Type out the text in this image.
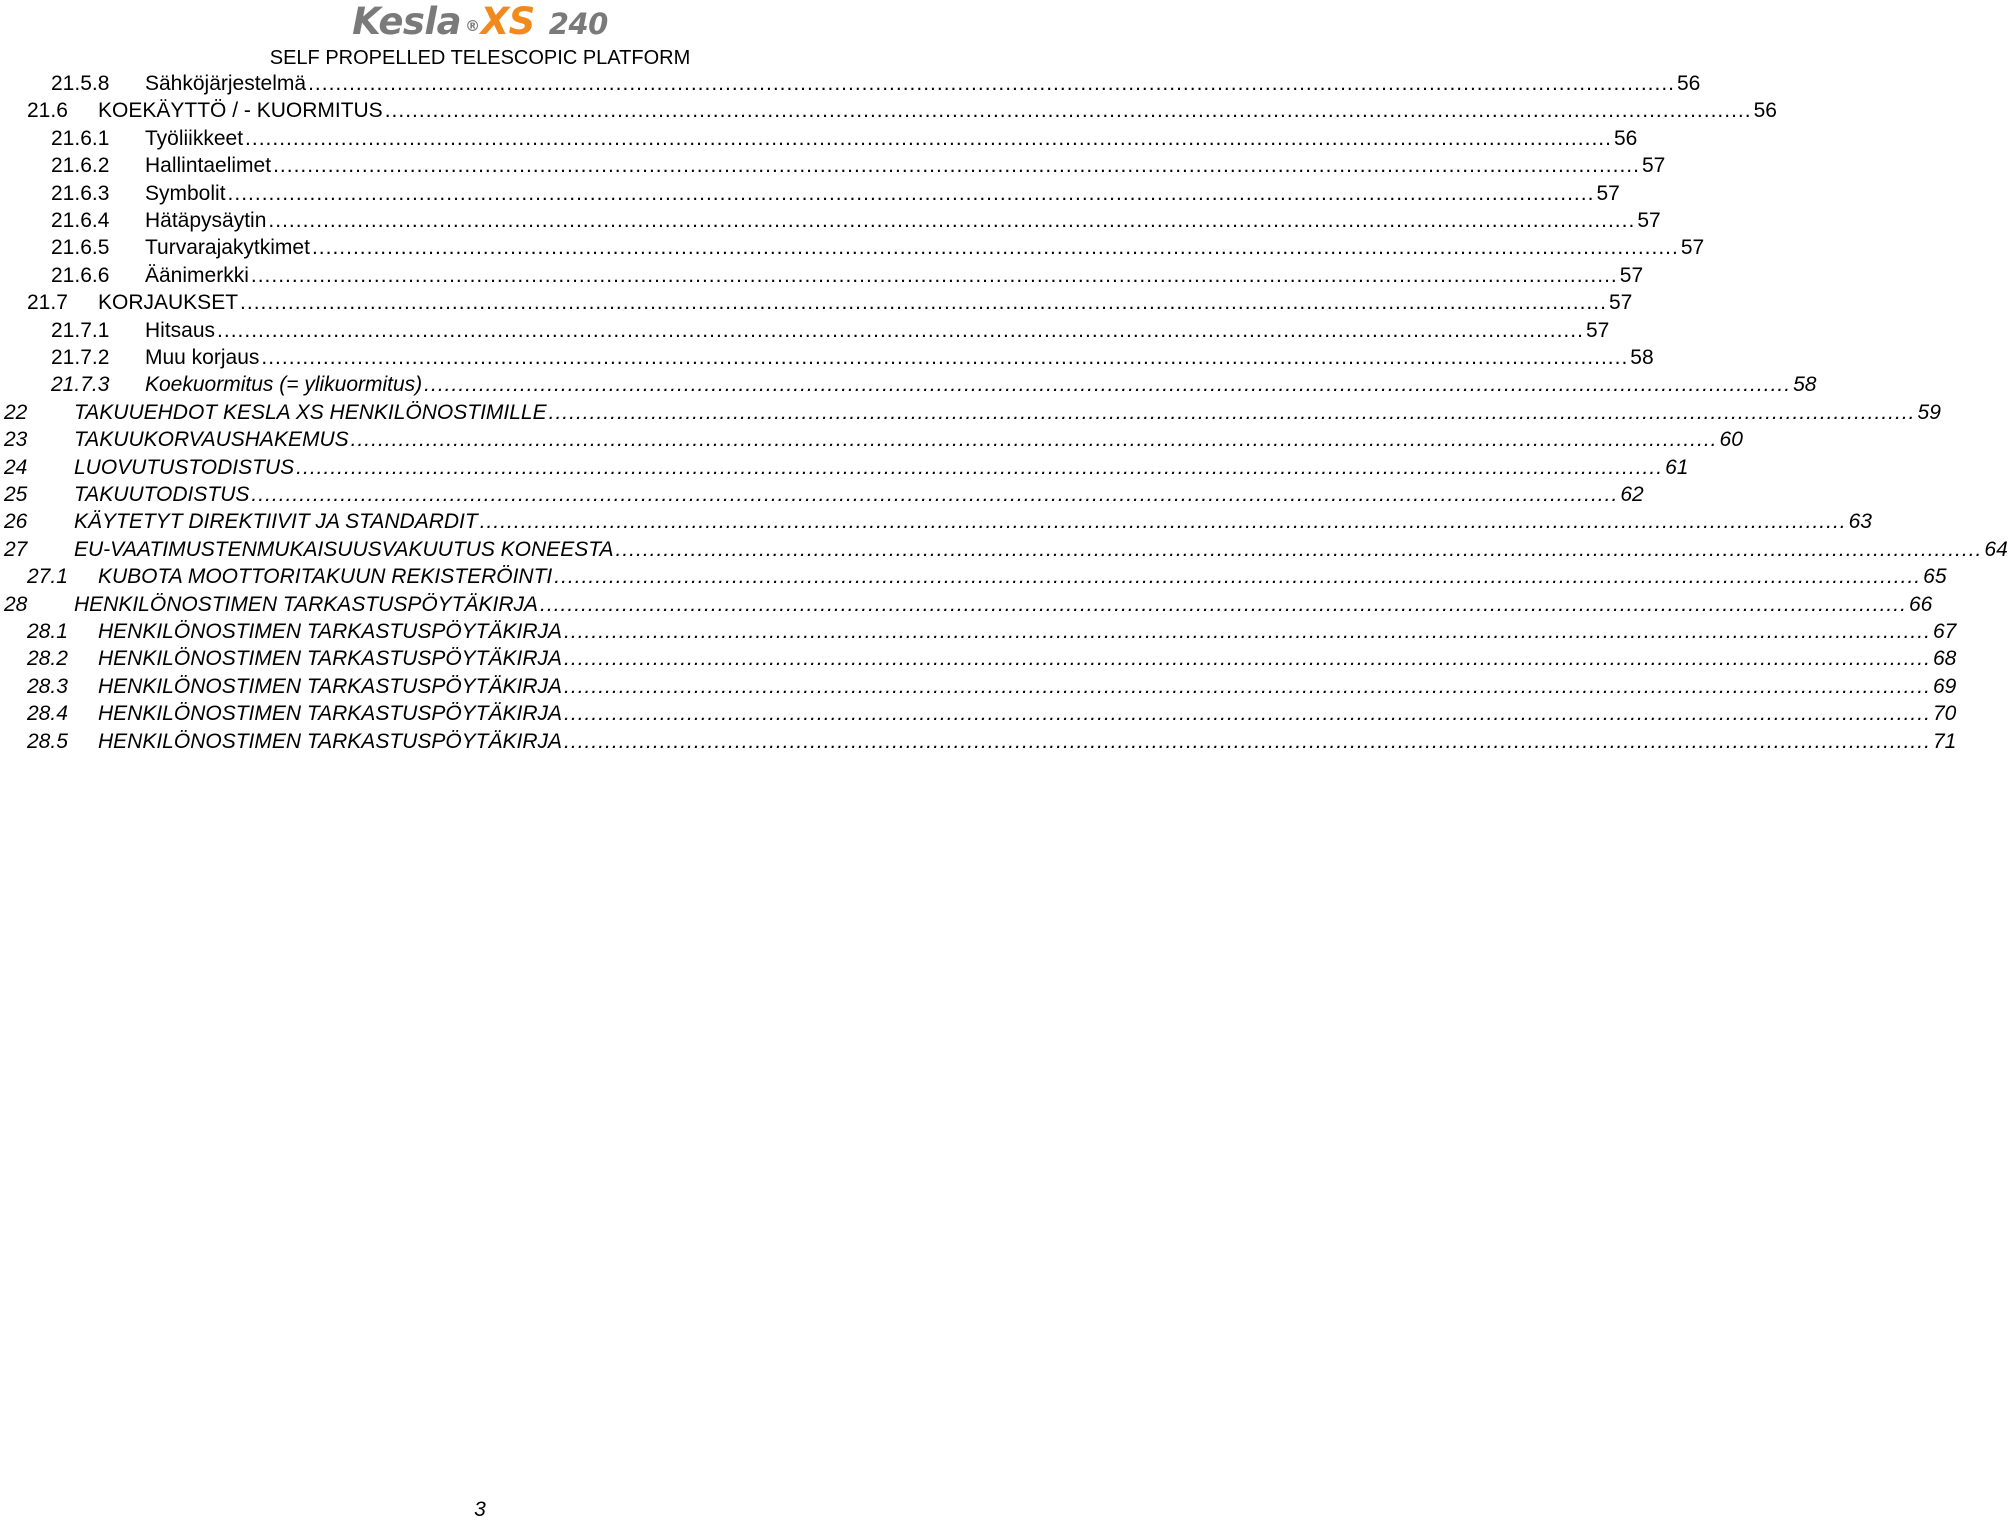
Kesla ®XS 240
SELF PROPELLED TELESCOPIC PLATFORM
21.5.8 Sähköjärjestelmä ........................................................................................................................................................................................................ 56
21.6 KOEKÄYTTÖ / - KUORMITUS ........................................................................................................................................................................................................ 56
21.6.1 Työliikkeet ........................................................................................................................................................................................................ 56
21.6.2 Hallintaelimet ........................................................................................................................................................................................................ 57
21.6.3 Symbolit ........................................................................................................................................................................................................ 57
21.6.4 Hätäpysäytin ........................................................................................................................................................................................................ 57
21.6.5 Turvarajakytkimet ........................................................................................................................................................................................................ 57
21.6.6 Äänimerkki ........................................................................................................................................................................................................ 57
21.7 KORJAUKSET ........................................................................................................................................................................................................ 57
21.7.1 Hitsaus ........................................................................................................................................................................................................ 57
21.7.2 Muu korjaus ........................................................................................................................................................................................................ 58
21.7.3 Koekuormitus (= ylikuormitus) ........................................................................................................................................................................................................ 58
22 TAKUUEHDOT KESLA XS HENKILÖNOSTIMILLE ........................................................................................................................................................................................................ 59
23 TAKUUKORVAUSHAKEMUS ........................................................................................................................................................................................................ 60
24 LUOVUTUSTODISTUS ........................................................................................................................................................................................................ 61
25 TAKUUTODISTUS ........................................................................................................................................................................................................ 62
26 KÄYTETYT DIREKTIIVIT JA STANDARDIT ........................................................................................................................................................................................................ 63
27 EU-VAATIMUSTENMUKAISUUSVAKUUTUS KONEESTA ........................................................................................................................................................................................................ 64
27.1 KUBOTA MOOTTORITAKUUN REKISTERÖINTI ........................................................................................................................................................................................................ 65
28 HENKILÖNOSTIMEN TARKASTUSPÖYTÄKIRJA ........................................................................................................................................................................................................ 66
28.1 HENKILÖNOSTIMEN TARKASTUSPÖYTÄKIRJA ........................................................................................................................................................................................................ 67
28.2 HENKILÖNOSTIMEN TARKASTUSPÖYTÄKIRJA ........................................................................................................................................................................................................ 68
28.3 HENKILÖNOSTIMEN TARKASTUSPÖYTÄKIRJA ........................................................................................................................................................................................................ 69
28.4 HENKILÖNOSTIMEN TARKASTUSPÖYTÄKIRJA ........................................................................................................................................................................................................ 70
28.5 HENKILÖNOSTIMEN TARKASTUSPÖYTÄKIRJA ........................................................................................................................................................................................................ 71
3
